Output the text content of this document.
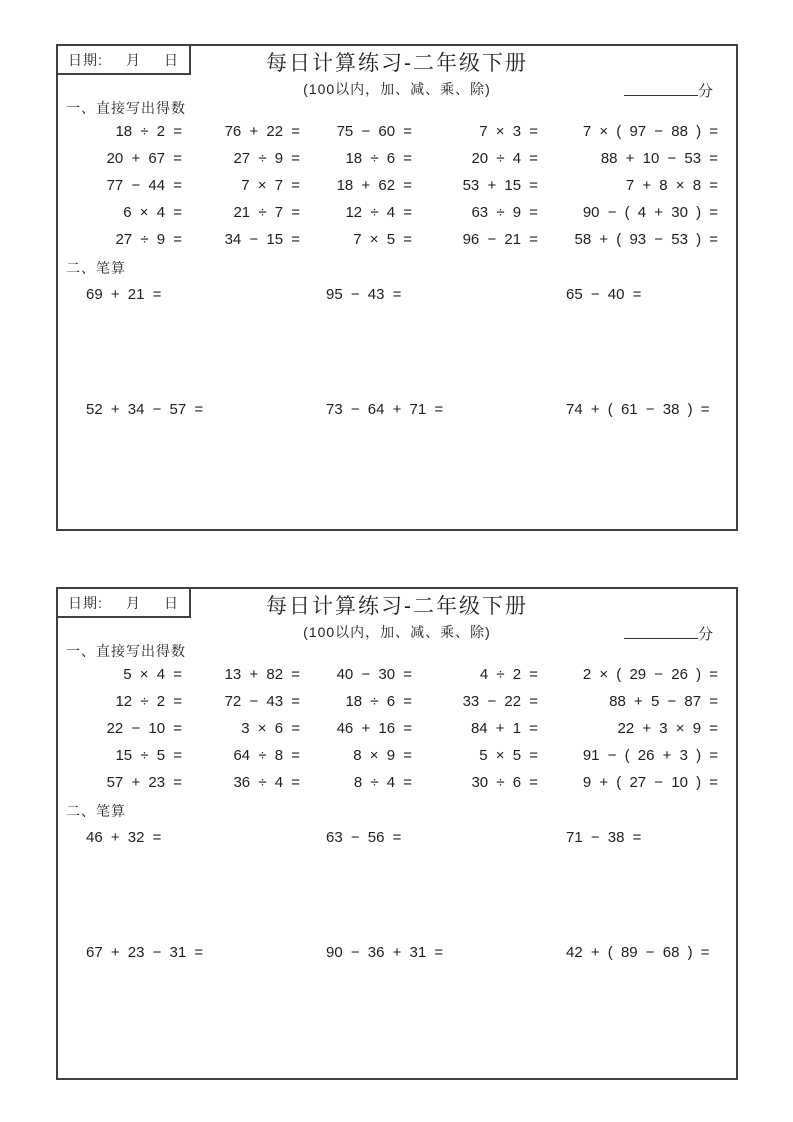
日期: 月 日	每日计算练习-二年级下册
(100以内，加、减、乘、除)	分
一、直接写出得数
18 ÷ 2 =	76 + 22 =	75 − 60 =	7 × 3 =	7 × ( 97 − 88 ) =
20 + 67 =	27 ÷ 9 =	18 ÷ 6 =	20 ÷ 4 =	88 + 10 − 53 =
77 − 44 =	7 × 7 =	18 + 62 =	53 + 15 =	7 + 8 × 8 =
6 × 4 =	21 ÷ 7 =	12 ÷ 4 =	63 ÷ 9 =	90 − ( 4 + 30 ) =
27 ÷ 9 =	34 − 15 =	7 × 5 =	96 − 21 =	58 + ( 93 − 53 ) =
二、笔算
69 + 21 =	95 − 43 =	65 − 40 =
52 + 34 − 57 =	73 − 64 + 71 =	74 + ( 61 − 38 ) =
日期: 月 日	每日计算练习-二年级下册
(100以内，加、减、乘、除)	分
一、直接写出得数
5 × 4 =	13 + 82 =	40 − 30 =	4 ÷ 2 =	2 × ( 29 − 26 ) =
12 ÷ 2 =	72 − 43 =	18 ÷ 6 =	33 − 22 =	88 + 5 − 87 =
22 − 10 =	3 × 6 =	46 + 16 =	84 + 1 =	22 + 3 × 9 =
15 ÷ 5 =	64 ÷ 8 =	8 × 9 =	5 × 5 =	91 − ( 26 + 3 ) =
57 + 23 =	36 ÷ 4 =	8 ÷ 4 =	30 ÷ 6 =	9 + ( 27 − 10 ) =
二、笔算
46 + 32 =	63 − 56 =	71 − 38 =
67 + 23 − 31 =	90 − 36 + 31 =	42 + ( 89 − 68 ) =
